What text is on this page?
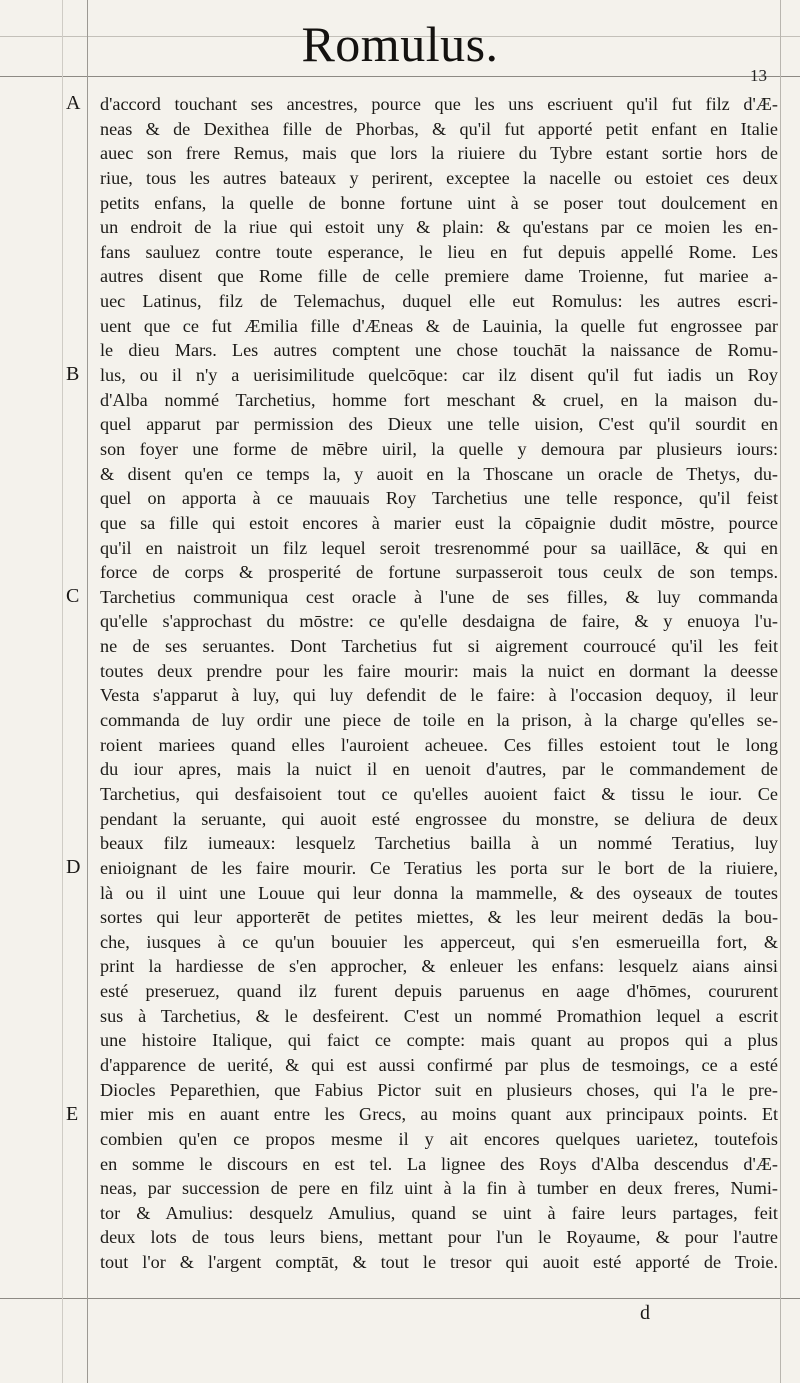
Romulus.
13
A
B
C
D
E
d'accord touchant ses ancestres, pource que les uns escriuent qu'il fut filz d'Æ-
neas & de Dexithea fille de Phorbas, & qu'il fut apporté petit enfant en Italie
auec son frere Remus, mais que lors la riuiere du Tybre estant sortie hors de
riue, tous les autres bateaux y perirent, exceptee la nacelle ou estoiet ces deux
petits enfans, la quelle de bonne fortune uint à se poser tout doulcement en
un endroit de la riue qui estoit uny & plain: & qu'estans par ce moien les en-
fans sauluez contre toute esperance, le lieu en fut depuis appellé Rome. Les
autres disent que Rome fille de celle premiere dame Troienne, fut mariee a-
uec Latinus, filz de Telemachus, duquel elle eut Romulus: les autres escri-
uent que ce fut Æmilia fille d'Æneas & de Lauinia, la quelle fut engrossee par
le dieu Mars. Les autres comptent une chose touchāt la naissance de Romu-
lus, ou il n'y a uerisimilitude quelcōque: car ilz disent qu'il fut iadis un Roy
d'Alba nommé Tarchetius, homme fort meschant & cruel, en la maison du-
quel apparut par permission des Dieux une telle uision, C'est qu'il sourdit en
son foyer une forme de mēbre uiril, la quelle y demoura par plusieurs iours:
& disent qu'en ce temps la, y auoit en la Thoscane un oracle de Thetys, du-
quel on apporta à ce mauuais Roy Tarchetius une telle responce, qu'il feist
que sa fille qui estoit encores à marier eust la cōpaignie dudit mōstre, pource
qu'il en naistroit un filz lequel seroit tresrenommé pour sa uaillāce, & qui en
force de corps & prosperité de fortune surpasseroit tous ceulx de son temps.
Tarchetius communiqua cest oracle à l'une de ses filles, & luy commanda
qu'elle s'approchast du mōstre: ce qu'elle desdaigna de faire, & y enuoya l'u-
ne de ses seruantes. Dont Tarchetius fut si aigrement courroucé qu'il les feit
toutes deux prendre pour les faire mourir: mais la nuict en dormant la deesse
Vesta s'apparut à luy, qui luy defendit de le faire: à l'occasion dequoy, il leur
commanda de luy ordir une piece de toile en la prison, à la charge qu'elles se-
roient mariees quand elles l'auroient acheuee. Ces filles estoient tout le long
du iour apres, mais la nuict il en uenoit d'autres, par le commandement de
Tarchetius, qui desfaisoient tout ce qu'elles auoient faict & tissu le iour. Ce
pendant la seruante, qui auoit esté engrossee du monstre, se deliura de deux
beaux filz iumeaux: lesquelz Tarchetius bailla à un nommé Teratius, luy
enioignant de les faire mourir. Ce Teratius les porta sur le bort de la riuiere,
là ou il uint une Louue qui leur donna la mammelle, & des oyseaux de toutes
sortes qui leur apporterēt de petites miettes, & les leur meirent dedās la bou-
che, iusques à ce qu'un bouuier les apperceut, qui s'en esmerueilla fort, &
print la hardiesse de s'en approcher, & enleuer les enfans: lesquelz aians ainsi
esté preseruez, quand ilz furent depuis paruenus en aage d'hōmes, coururent
sus à Tarchetius, & le desfeirent. C'est un nommé Promathion lequel a escrit
une histoire Italique, qui faict ce compte: mais quant au propos qui a plus
d'apparence de uerité, & qui est aussi confirmé par plus de tesmoings, ce a esté
Diocles Peparethien, que Fabius Pictor suit en plusieurs choses, qui l'a le pre-
mier mis en auant entre les Grecs, au moins quant aux principaux points. Et
combien qu'en ce propos mesme il y ait encores quelques uarietez, toutefois
en somme le discours en est tel. La lignee des Roys d'Alba descendus d'Æ-
neas, par succession de pere en filz uint à la fin à tumber en deux freres, Numi-
tor & Amulius: desquelz Amulius, quand se uint à faire leurs partages, feit
deux lots de tous leurs biens, mettant pour l'un le Royaume, & pour l'autre
tout l'or & l'argent comptāt, & tout le tresor qui auoit esté apporté de Troie.
d
